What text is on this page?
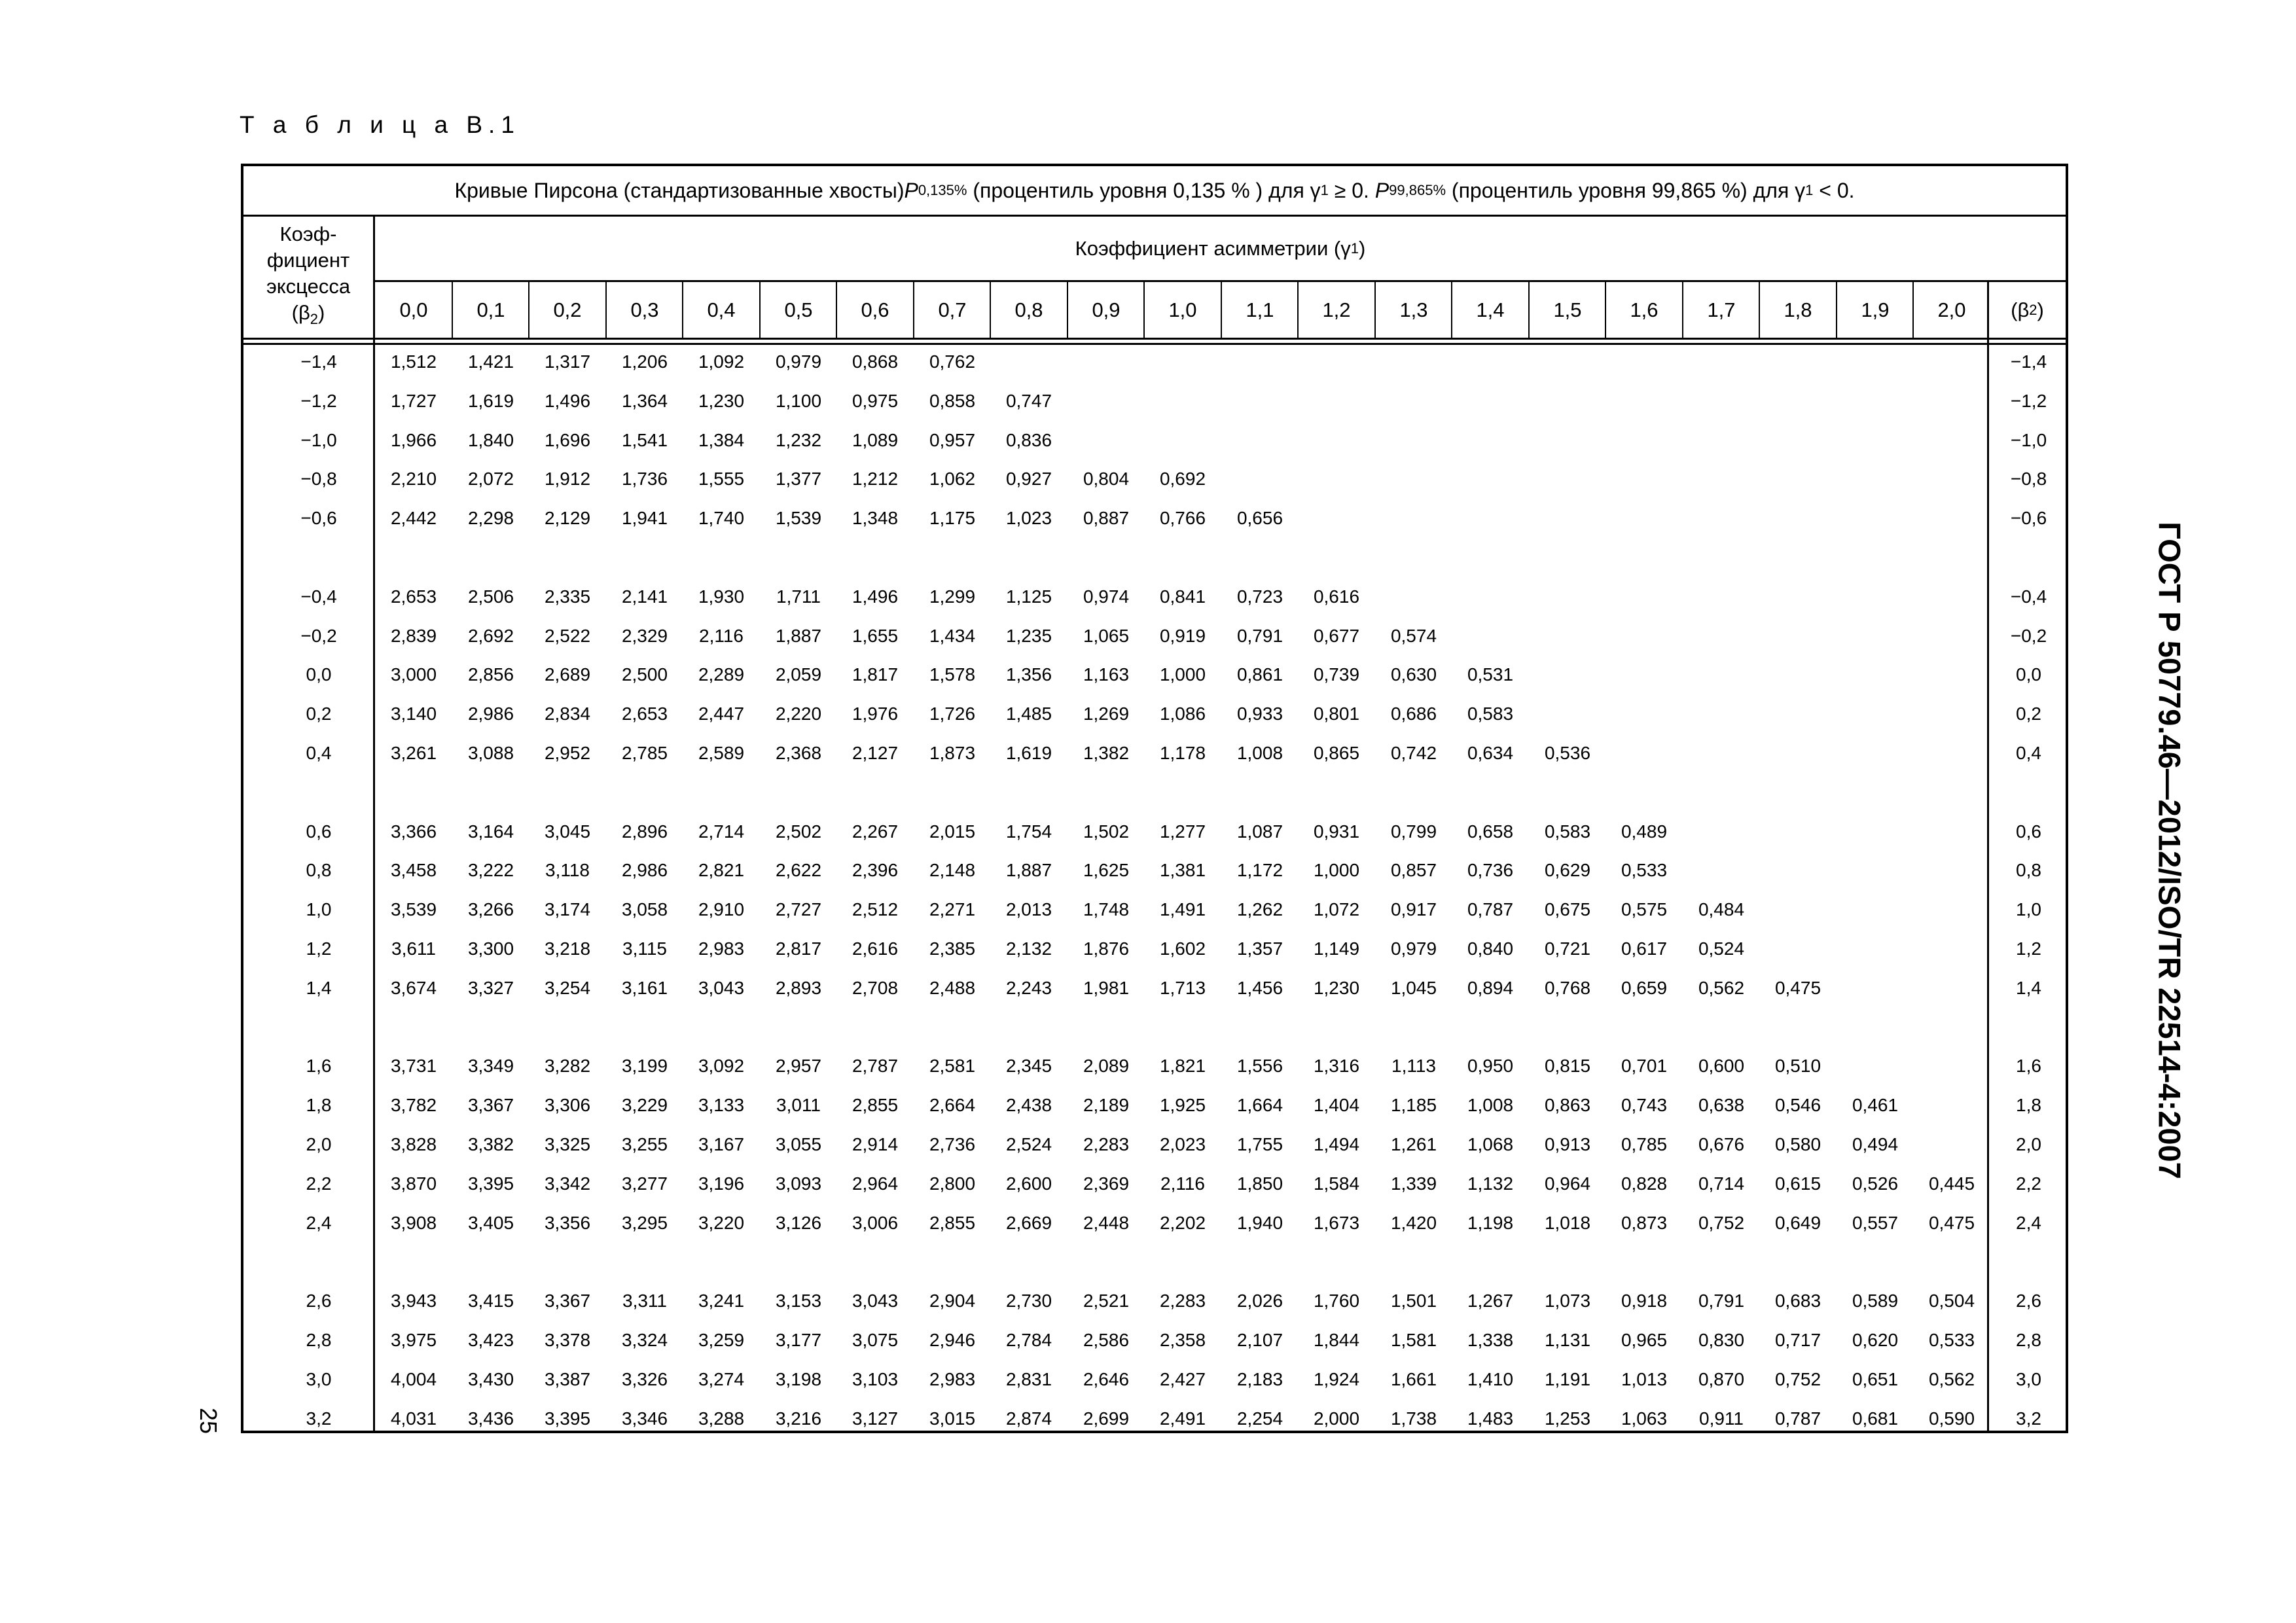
Т а б л и ц а В.1
Кривые Пирсона (стандартизованные хвосты) P 0,135% (процентиль уровня 0,135 % ) для γ 1 ≥ 0. P 99,865% (процентиль уровня 99,865 %) для γ 1 < 0.
Коэф-
фициент
эксцесса
$(\beta_2)$
Коэффициент асимметрии (γ 1 )
0,0	0,1	0,2	0,3	0,4	0,5	0,6	0,7	0,8	0,9	1,0	1,1	1,2	1,3	1,4	1,5	1,6	1,7	1,8	1,9	2,0	(β 2 )
−1,4	1,512	1,421	1,317	1,206	1,092	0,979	0,868	0,762	−1,4
−1,2	1,727	1,619	1,496	1,364	1,230	1,100	0,975	0,858	0,747	−1,2
−1,0	1,966	1,840	1,696	1,541	1,384	1,232	1,089	0,957	0,836	−1,0
−0,8	2,210	2,072	1,912	1,736	1,555	1,377	1,212	1,062	0,927	0,804	0,692	−0,8
−0,6	2,442	2,298	2,129	1,941	1,740	1,539	1,348	1,175	1,023	0,887	0,766	0,656	−0,6
−0,4	2,653	2,506	2,335	2,141	1,930	1,711	1,496	1,299	1,125	0,974	0,841	0,723	0,616	−0,4
−0,2	2,839	2,692	2,522	2,329	2,116	1,887	1,655	1,434	1,235	1,065	0,919	0,791	0,677	0,574	−0,2
0,0	3,000	2,856	2,689	2,500	2,289	2,059	1,817	1,578	1,356	1,163	1,000	0,861	0,739	0,630	0,531	0,0
0,2	3,140	2,986	2,834	2,653	2,447	2,220	1,976	1,726	1,485	1,269	1,086	0,933	0,801	0,686	0,583	0,2
0,4	3,261	3,088	2,952	2,785	2,589	2,368	2,127	1,873	1,619	1,382	1,178	1,008	0,865	0,742	0,634	0,536	0,4
0,6	3,366	3,164	3,045	2,896	2,714	2,502	2,267	2,015	1,754	1,502	1,277	1,087	0,931	0,799	0,658	0,583	0,489	0,6
0,8	3,458	3,222	3,118	2,986	2,821	2,622	2,396	2,148	1,887	1,625	1,381	1,172	1,000	0,857	0,736	0,629	0,533	0,8
1,0	3,539	3,266	3,174	3,058	2,910	2,727	2,512	2,271	2,013	1,748	1,491	1,262	1,072	0,917	0,787	0,675	0,575	0,484	1,0
1,2	3,611	3,300	3,218	3,115	2,983	2,817	2,616	2,385	2,132	1,876	1,602	1,357	1,149	0,979	0,840	0,721	0,617	0,524	1,2
1,4	3,674	3,327	3,254	3,161	3,043	2,893	2,708	2,488	2,243	1,981	1,713	1,456	1,230	1,045	0,894	0,768	0,659	0,562	0,475	1,4
1,6	3,731	3,349	3,282	3,199	3,092	2,957	2,787	2,581	2,345	2,089	1,821	1,556	1,316	1,113	0,950	0,815	0,701	0,600	0,510	1,6
1,8	3,782	3,367	3,306	3,229	3,133	3,011	2,855	2,664	2,438	2,189	1,925	1,664	1,404	1,185	1,008	0,863	0,743	0,638	0,546	0,461	1,8
2,0	3,828	3,382	3,325	3,255	3,167	3,055	2,914	2,736	2,524	2,283	2,023	1,755	1,494	1,261	1,068	0,913	0,785	0,676	0,580	0,494	2,0
2,2	3,870	3,395	3,342	3,277	3,196	3,093	2,964	2,800	2,600	2,369	2,116	1,850	1,584	1,339	1,132	0,964	0,828	0,714	0,615	0,526	0,445	2,2
2,4	3,908	3,405	3,356	3,295	3,220	3,126	3,006	2,855	2,669	2,448	2,202	1,940	1,673	1,420	1,198	1,018	0,873	0,752	0,649	0,557	0,475	2,4
2,6	3,943	3,415	3,367	3,311	3,241	3,153	3,043	2,904	2,730	2,521	2,283	2,026	1,760	1,501	1,267	1,073	0,918	0,791	0,683	0,589	0,504	2,6
2,8	3,975	3,423	3,378	3,324	3,259	3,177	3,075	2,946	2,784	2,586	2,358	2,107	1,844	1,581	1,338	1,131	0,965	0,830	0,717	0,620	0,533	2,8
3,0	4,004	3,430	3,387	3,326	3,274	3,198	3,103	2,983	2,831	2,646	2,427	2,183	1,924	1,661	1,410	1,191	1,013	0,870	0,752	0,651	0,562	3,0
3,2	4,031	3,436	3,395	3,346	3,288	3,216	3,127	3,015	2,874	2,699	2,491	2,254	2,000	1,738	1,483	1,253	1,063	0,911	0,787	0,681	0,590	3,2
ГОСТ Р 50779.46—2012/ISO/TR 22514-4:2007
25
